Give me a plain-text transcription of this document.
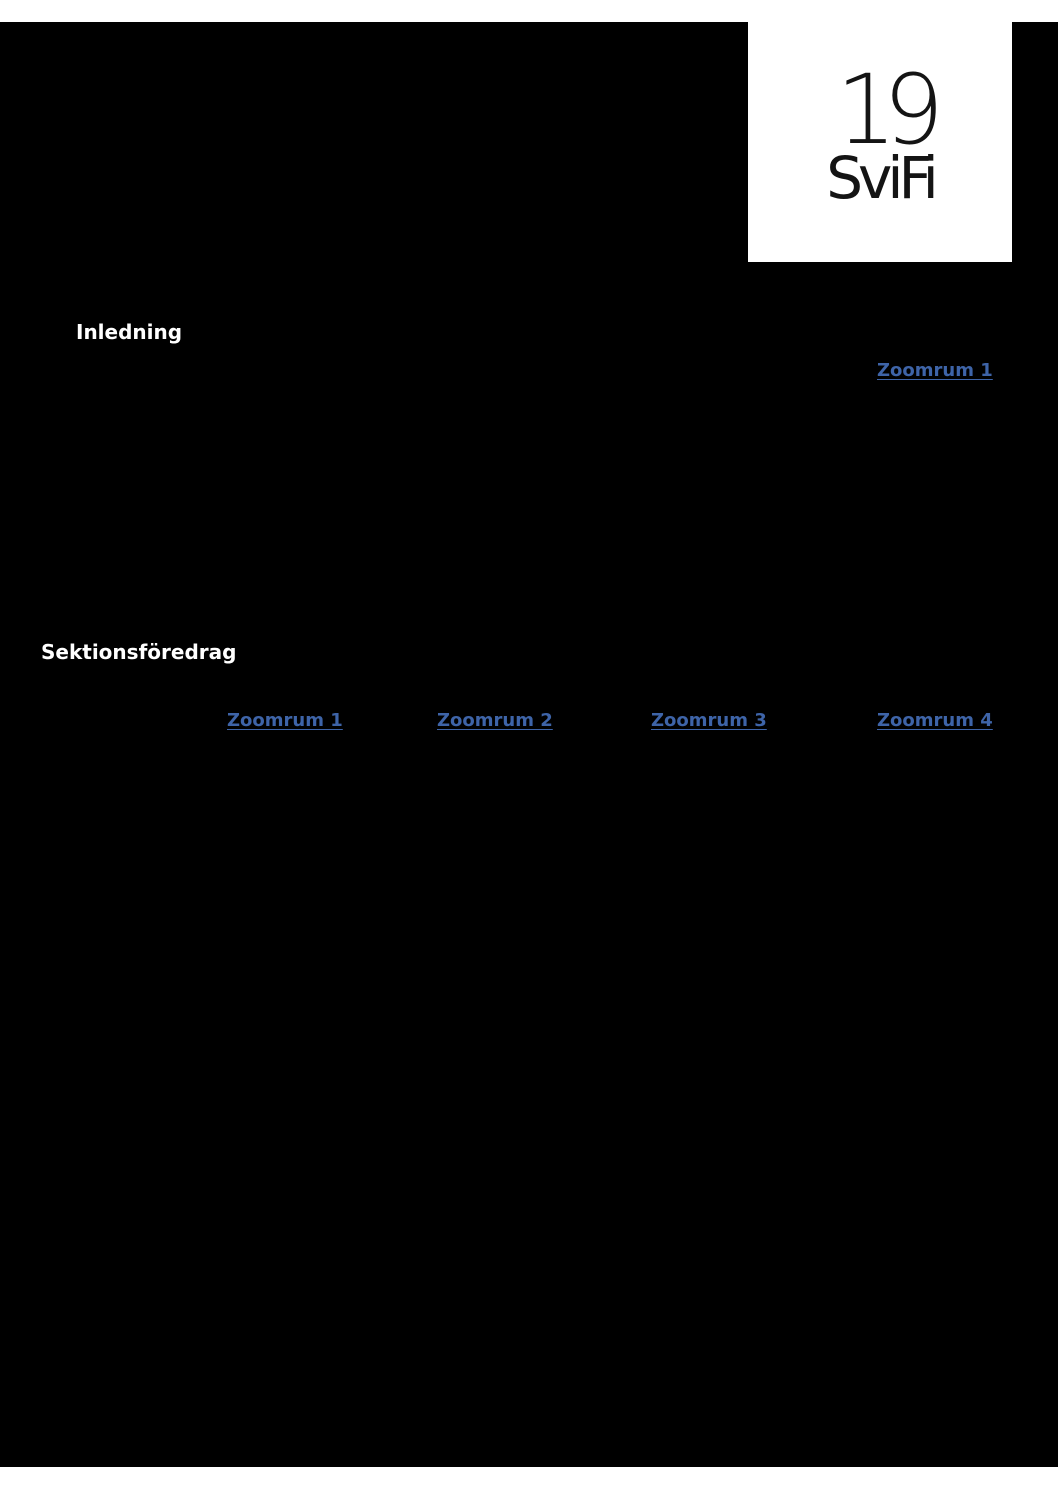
19
SviFi
Inledning
Zoomrum 1
Sektionsföredrag
Zoomrum 1	Zoomrum 2	Zoomrum 3	Zoomrum 4
